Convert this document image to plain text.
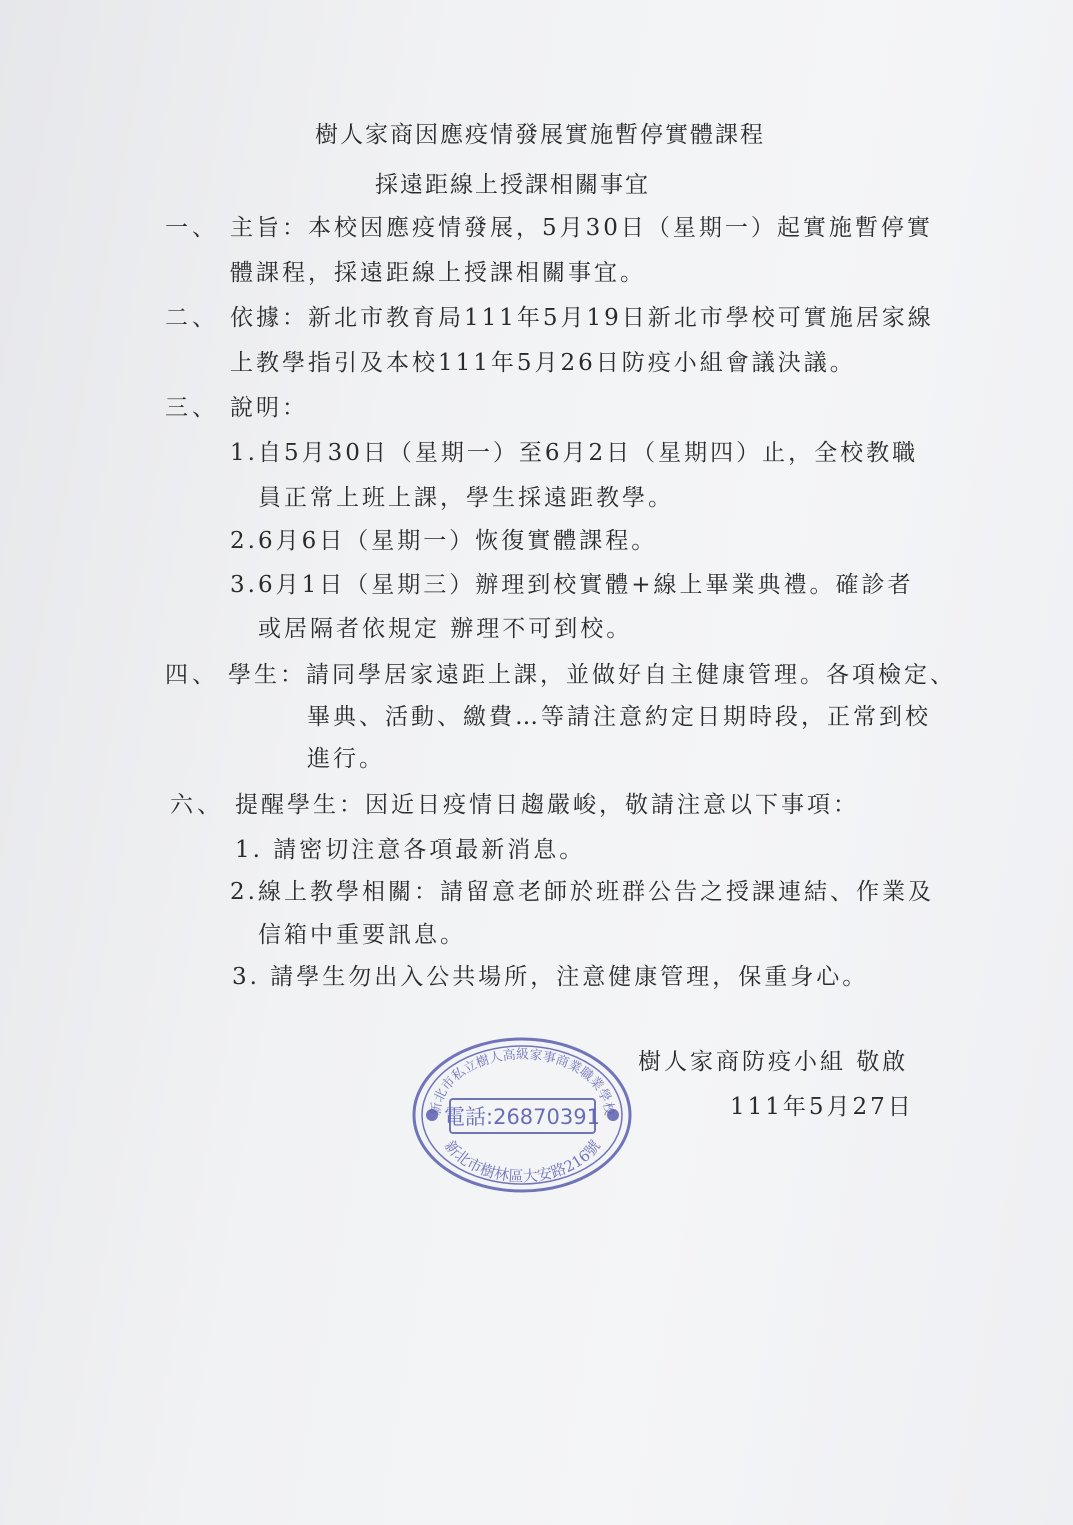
樹人家商因應疫情發展實施暫停實體課程
採遠距線上授課相關事宜
一、 主旨：本校因應疫情發展，5月30日（星期一）起實施暫停實
體課程，採遠距線上授課相關事宜。
二、 依據：新北市教育局111年5月19日新北市學校可實施居家線
上教學指引及本校111年5月26日防疫小組會議決議。
三、 說明：
1.自5月30日（星期一）至6月2日（星期四）止，全校教職
員正常上班上課，學生採遠距教學。
2.6月6日（星期一）恢復實體課程。
3.6月1日（星期三）辦理到校實體+線上畢業典禮。確診者
或居隔者依規定 辦理不可到校。
四、 學生：請同學居家遠距上課，並做好自主健康管理。各項檢定、
畢典、活動、繳費…等請注意約定日期時段，正常到校
進行。
六、 提醒學生：因近日疫情日趨嚴峻，敬請注意以下事項：
1. 請密切注意各項最新消息。
2.線上教學相關：請留意老師於班群公告之授課連結、作業及
信箱中重要訊息。
3. 請學生勿出入公共場所，注意健康管理，保重身心。
樹人家商防疫小組 敬啟
111年5月27日
新北市私立樹人高級家事商業職業學校
電話:26870391
新北市樹林區大安路216號
